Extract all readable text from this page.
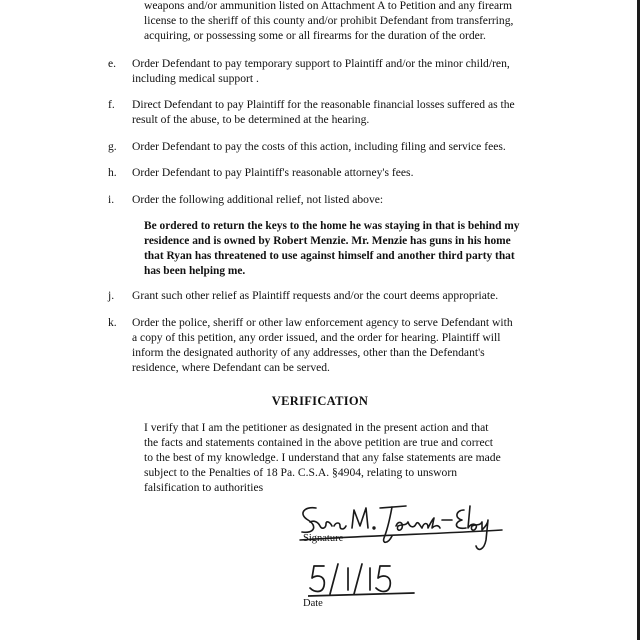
weapons and/or ammunition listed on Attachment A to Petition and any firearm
license to the sheriff of this county and/or prohibit Defendant from transferring,
acquiring, or possessing some or all firearms for the duration of the order.
e. Order Defendant to pay temporary support to Plaintiff and/or the minor child/ren,
including medical support .
f. Direct Defendant to pay Plaintiff for the reasonable financial losses suffered as the
result of the abuse, to be determined at the hearing.
g. Order Defendant to pay the costs of this action, including filing and service fees.
h. Order Defendant to pay Plaintiff's reasonable attorney's fees.
i. Order the following additional relief, not listed above:
Be ordered to return the keys to the home he was staying in that is behind my
residence and is owned by Robert Menzie. Mr. Menzie has guns in his home
that Ryan has threatened to use against himself and another third party that
has been helping me.
j. Grant such other relief as Plaintiff requests and/or the court deems appropriate.
k. Order the police, sheriff or other law enforcement agency to serve Defendant with
a copy of this petition, any order issued, and the order for hearing. Plaintiff will
inform the designated authority of any addresses, other than the Defendant's
residence, where Defendant can be served.
VERIFICATION
I verify that I am the petitioner as designated in the present action and that
the facts and statements contained in the above petition are true and correct
to the best of my knowledge. I understand that any false statements are made
subject to the Penalties of 18 Pa. C.S.A. §4904, relating to unsworn
falsification to authorities
Signature
Date
